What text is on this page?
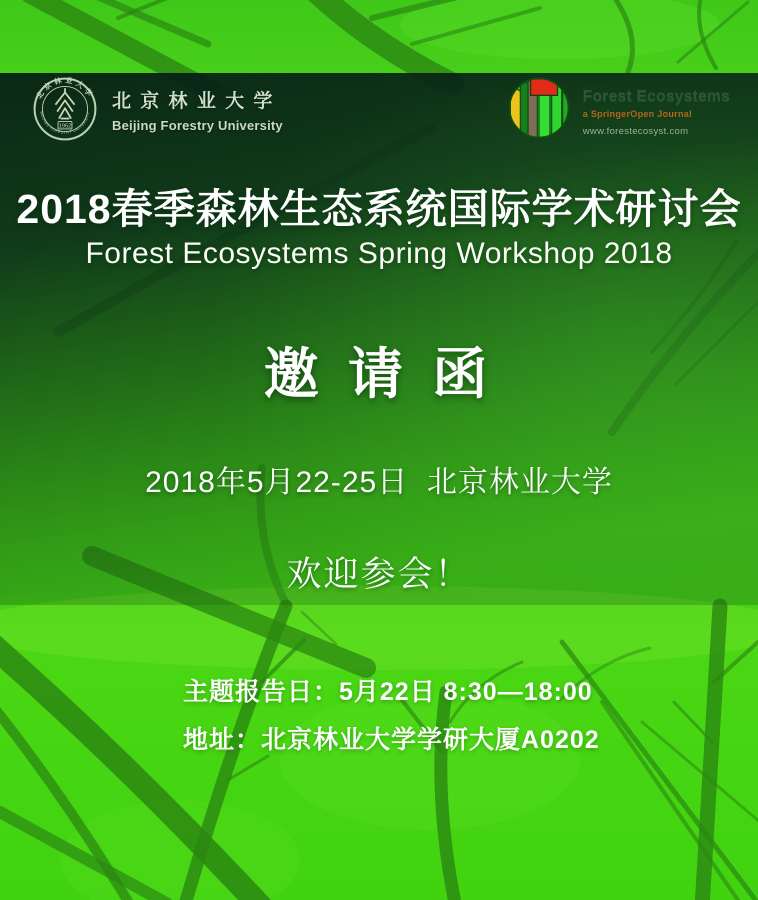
北京林业大学
BEIJING FORESTRY UNIVERSITY
1952
北 京 林 业 大 学
Beijing Forestry University
Forest Ecosystems
a SpringerOpen Journal
www.forestecosyst.com
2018春季森林生态系统国际学术研讨会
Forest Ecosystems Spring Workshop 2018
邀 请 函
2018年5月22-25日  北京林业大学
欢迎参会！
主题报告日：5月22日 8:30—18:00
地址：北京林业大学学研大厦A0202
